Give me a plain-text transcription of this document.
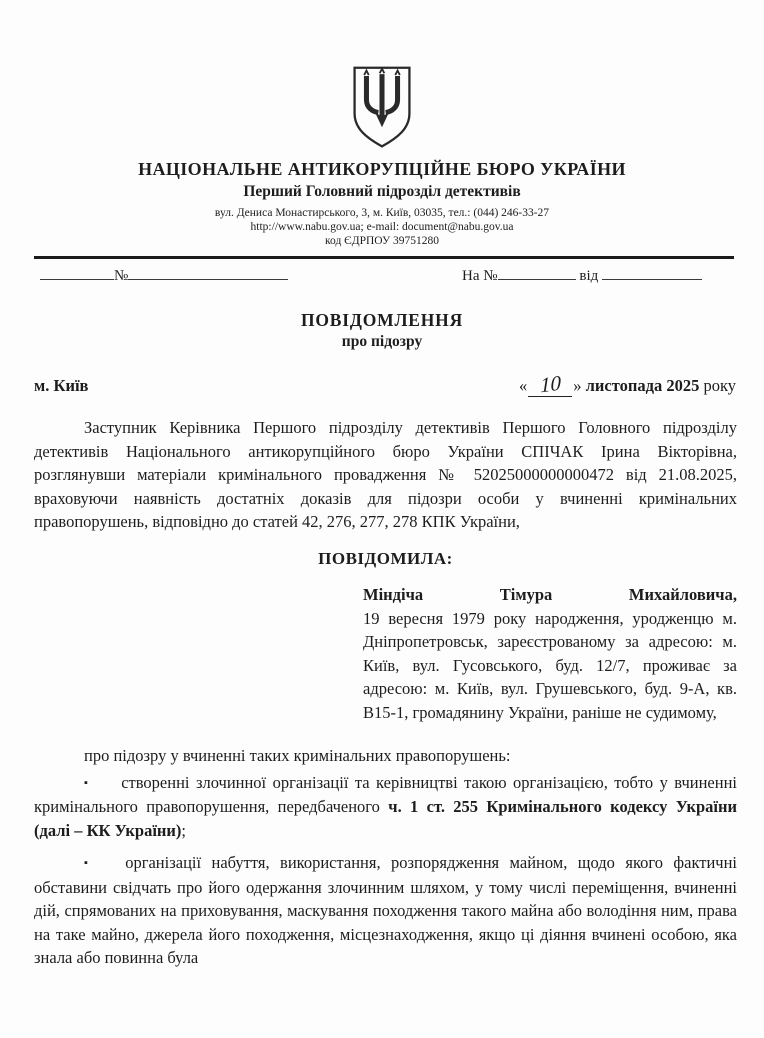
НАЦІОНАЛЬНЕ АНТИКОРУПЦІЙНЕ БЮРО УКРАЇНИ
Перший Головний підрозділ детективів
вул. Дениса Монастирського, 3, м. Київ, 03035, тел.: (044) 246-33-27
http://www.nabu.gov.ua; e-mail: document@nabu.gov.ua
код ЄДРПОУ 39751280
№	На №	від
ПОВІДОМЛЕННЯ
про підозру
м. Київ	« 10 » листопада 2025 року

Заступник Керівника Першого підрозділу детективів Першого Головного підрозділу детективів Національного антикорупційного бюро України СПІЧАК Ірина Вікторівна, розглянувши матеріали кримінального провадження № 52025000000000472 від 21.08.2025, враховуючи наявність достатніх доказів для підозри особи у вчиненні кримінальних правопорушень, відповідно до статей 42, 276, 277, 278 КПК України,

ПОВІДОМИЛА:

Міндіча Тімура Михайловича,
19 вересня 1979 року народження, уродженцю м. Дніпропетровськ, зареєстрованому за адресою: м. Київ, вул. Гусовського, буд. 12/7, проживає за адресою: м. Київ, вул. Грушевського, буд. 9-А, кв. В15-1, громадянину України, раніше не судимому,

про підозру у вчиненні таких кримінальних правопорушень:

▪ створенні злочинної організації та керівництві такою організацією, тобто у вчиненні кримінального правопорушення, передбаченого ч. 1 ст. 255 Кримінального кодексу України (далі – КК України);

▪ організації набуття, використання, розпорядження майном, щодо якого фактичні обставини свідчать про його одержання злочинним шляхом, у тому числі переміщення, вчиненні дій, спрямованих на приховування, маскування походження такого майна або володіння ним, права на таке майно, джерела його походження, місцезнаходження, якщо ці діяння вчинені особою, яка знала або повинна була
